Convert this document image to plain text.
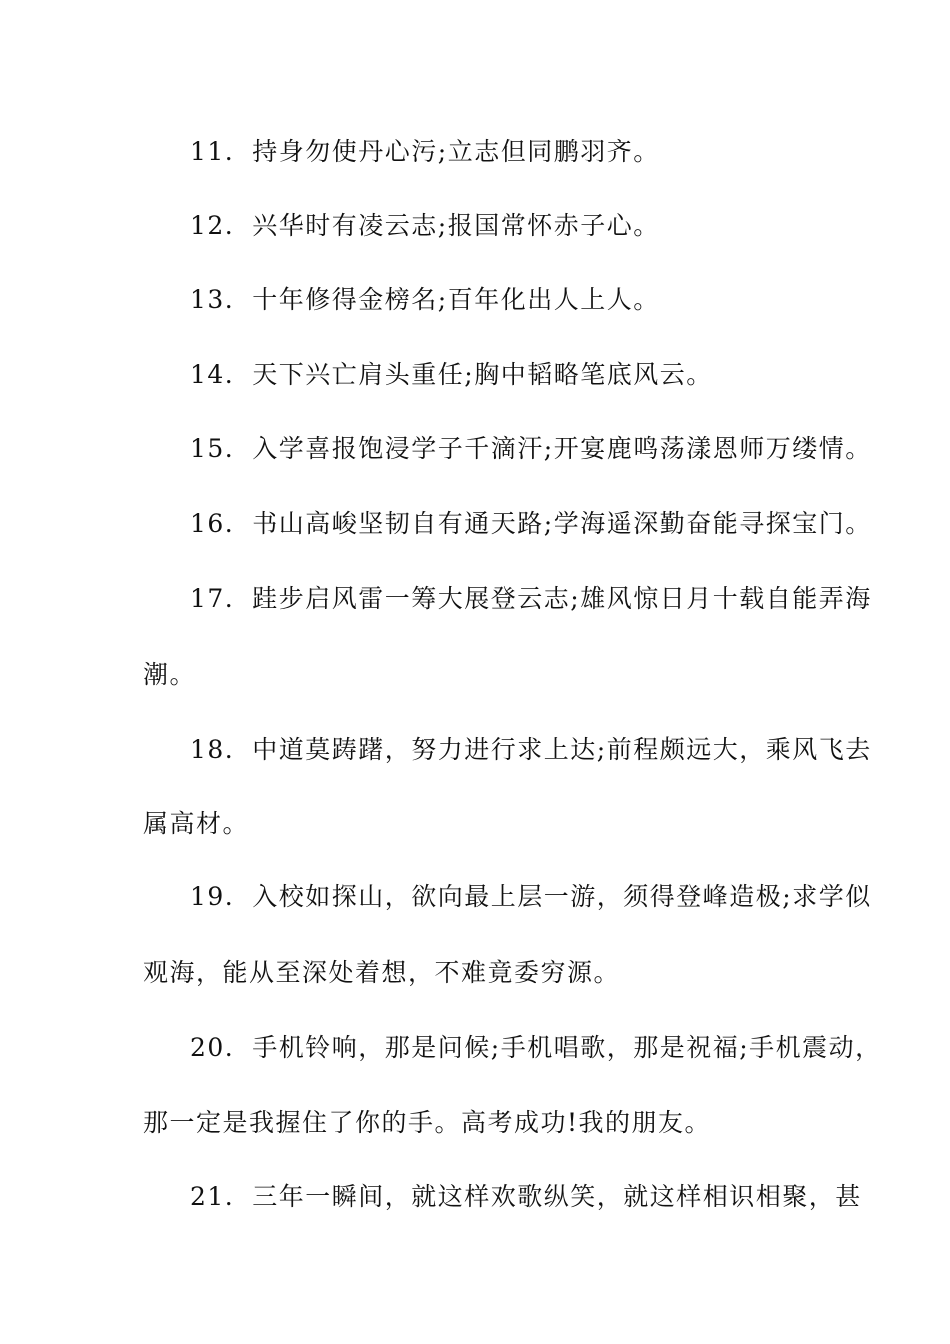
11. 持身勿使丹心污;立志但同鹏羽齐。
12. 兴华时有凌云志;报国常怀赤子心。
13. 十年修得金榜名;百年化出人上人。
14. 天下兴亡肩头重任;胸中韬略笔底风云。
15. 入学喜报饱浸学子千滴汗;开宴鹿鸣荡漾恩师万缕情。
16. 书山高峻坚韧自有通天路;学海遥深勤奋能寻探宝门。
17. 跬步启风雷一筹大展登云志;雄风惊日月十载自能弄海
潮。
18. 中道莫踌躇，努力进行求上达;前程颇远大，乘风飞去
属高材。
19. 入校如探山，欲向最上层一游，须得登峰造极;求学似
观海，能从至深处着想，不难竟委穷源。
20. 手机铃响，那是问候;手机唱歌，那是祝福;手机震动，
那一定是我握住了你的手。高考成功!我的朋友。
21. 三年一瞬间，就这样欢歌纵笑，就这样相识相聚，甚
